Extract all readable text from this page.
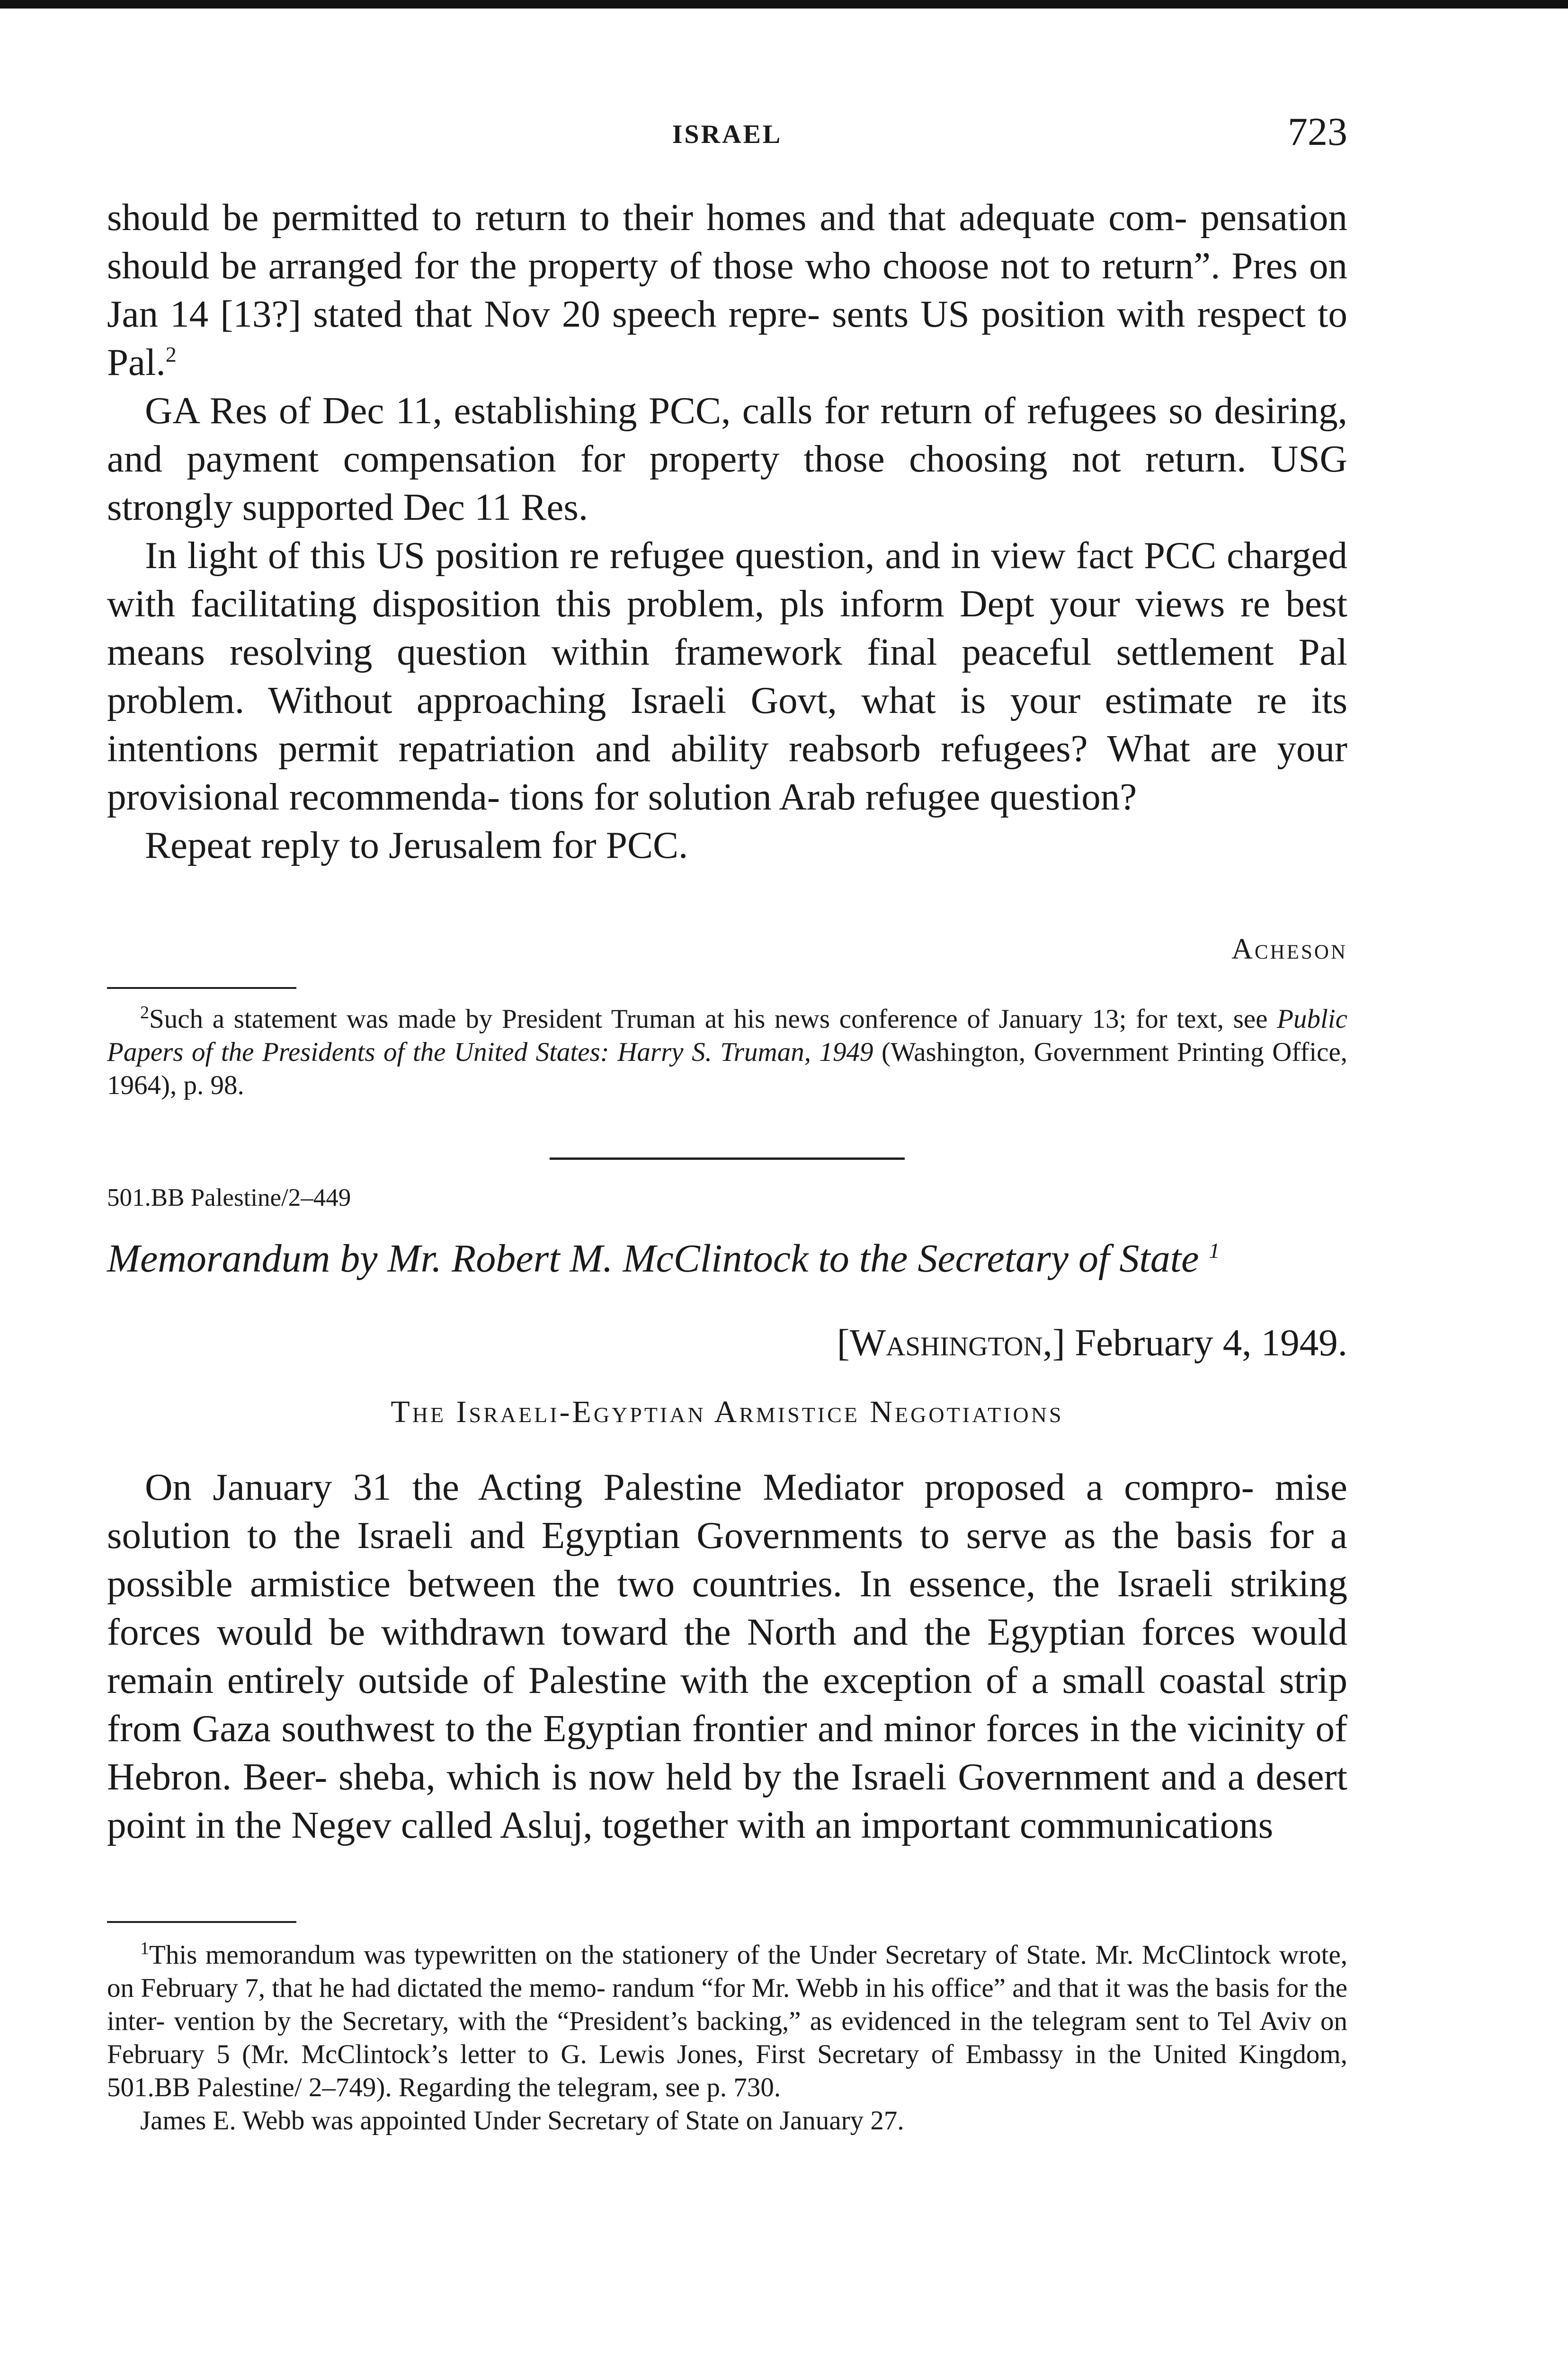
ISRAEL	723

should be permitted to return to their homes and that adequate com- pensation should be arranged for the property of those who choose not to return”. Pres on Jan 14 [13?] stated that Nov 20 speech repre- sents US position with respect to Pal.$^2$

GA Res of Dec 11, establishing PCC, calls for return of refugees so desiring, and payment compensation for property those choosing not return. USG strongly supported Dec 11 Res.

In light of this US position re refugee question, and in view fact PCC charged with facilitating disposition this problem, pls inform Dept your views re best means resolving question within framework final peaceful settlement Pal problem. Without approaching Israeli Govt, what is your estimate re its intentions permit repatriation and ability reabsorb refugees? What are your provisional recommenda- tions for solution Arab refugee question?

Repeat reply to Jerusalem for PCC.

Acheson

$^2$Such a statement was made by President Truman at his news conference of January 13; for text, see Public Papers of the Presidents of the United States: Harry S. Truman, 1949 (Washington, Government Printing Office, 1964), p. 98.

501.BB Palestine/2–449
Memorandum by Mr. Robert M. McClintock to the Secretary of State $^1$
[Washington,] February 4, 1949.
The Israeli-Egyptian Armistice Negotiations

On January 31 the Acting Palestine Mediator proposed a compro- mise solution to the Israeli and Egyptian Governments to serve as the basis for a possible armistice between the two countries. In essence, the Israeli striking forces would be withdrawn toward the North and the Egyptian forces would remain entirely outside of Palestine with the exception of a small coastal strip from Gaza southwest to the Egyptian frontier and minor forces in the vicinity of Hebron. Beer- sheba, which is now held by the Israeli Government and a desert point in the Negev called Asluj, together with an important communications

$^1$This memorandum was typewritten on the stationery of the Under Secretary of State. Mr. McClintock wrote, on February 7, that he had dictated the memo- randum “for Mr. Webb in his office” and that it was the basis for the inter- vention by the Secretary, with the “President’s backing,” as evidenced in the telegram sent to Tel Aviv on February 5 (Mr. McClintock’s letter to G. Lewis Jones, First Secretary of Embassy in the United Kingdom, 501.BB Palestine/ 2–749). Regarding the telegram, see p. 730.

James E. Webb was appointed Under Secretary of State on January 27.
